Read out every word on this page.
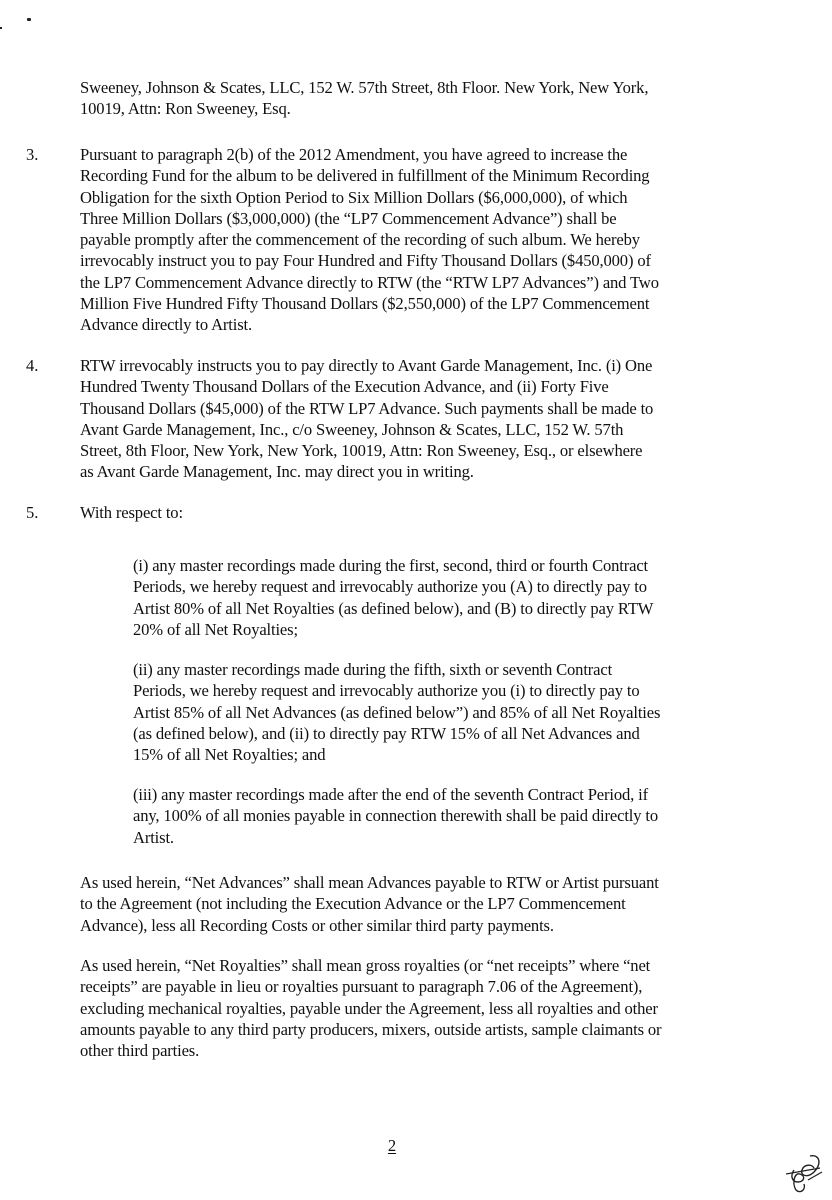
Sweeney, Johnson & Scates, LLC, 152 W. 57th Street, 8th Floor. New York, New York,
10019, Attn: Ron Sweeney, Esq.

3.	Pursuant to paragraph 2(b) of the 2012 Amendment, you have agreed to increase the
Recording Fund for the album to be delivered in fulfillment of the Minimum Recording
Obligation for the sixth Option Period to Six Million Dollars ($6,000,000), of which
Three Million Dollars ($3,000,000) (the “LP7 Commencement Advance”) shall be
payable promptly after the commencement of the recording of such album. We hereby
irrevocably instruct you to pay Four Hundred and Fifty Thousand Dollars ($450,000) of
the LP7 Commencement Advance directly to RTW (the “RTW LP7 Advances”) and Two
Million Five Hundred Fifty Thousand Dollars ($2,550,000) of the LP7 Commencement
Advance directly to Artist.

4.	RTW irrevocably instructs you to pay directly to Avant Garde Management, Inc. (i) One
Hundred Twenty Thousand Dollars of the Execution Advance, and (ii) Forty Five
Thousand Dollars ($45,000) of the RTW LP7 Advance. Such payments shall be made to
Avant Garde Management, Inc., c/o Sweeney, Johnson & Scates, LLC, 152 W. 57th
Street, 8th Floor, New York, New York, 10019, Attn: Ron Sweeney, Esq., or elsewhere
as Avant Garde Management, Inc. may direct you in writing.

5.	With respect to:

(i) any master recordings made during the first, second, third or fourth Contract
Periods, we hereby request and irrevocably authorize you (A) to directly pay to
Artist 80% of all Net Royalties (as defined below), and (B) to directly pay RTW
20% of all Net Royalties;

(ii) any master recordings made during the fifth, sixth or seventh Contract
Periods, we hereby request and irrevocably authorize you (i) to directly pay to
Artist 85% of all Net Advances (as defined below”) and 85% of all Net Royalties
(as defined below), and (ii) to directly pay RTW 15% of all Net Advances and
15% of all Net Royalties; and

(iii) any master recordings made after the end of the seventh Contract Period, if
any, 100% of all monies payable in connection therewith shall be paid directly to
Artist.

As used herein, “Net Advances” shall mean Advances payable to RTW or Artist pursuant
to the Agreement (not including the Execution Advance or the LP7 Commencement
Advance), less all Recording Costs or other similar third party payments.

As used herein, “Net Royalties” shall mean gross royalties (or “net receipts” where “net
receipts” are payable in lieu or royalties pursuant to paragraph 7.06 of the Agreement),
excluding mechanical royalties, payable under the Agreement, less all royalties and other
amounts payable to any third party producers, mixers, outside artists, sample claimants or
other third parties.

2
